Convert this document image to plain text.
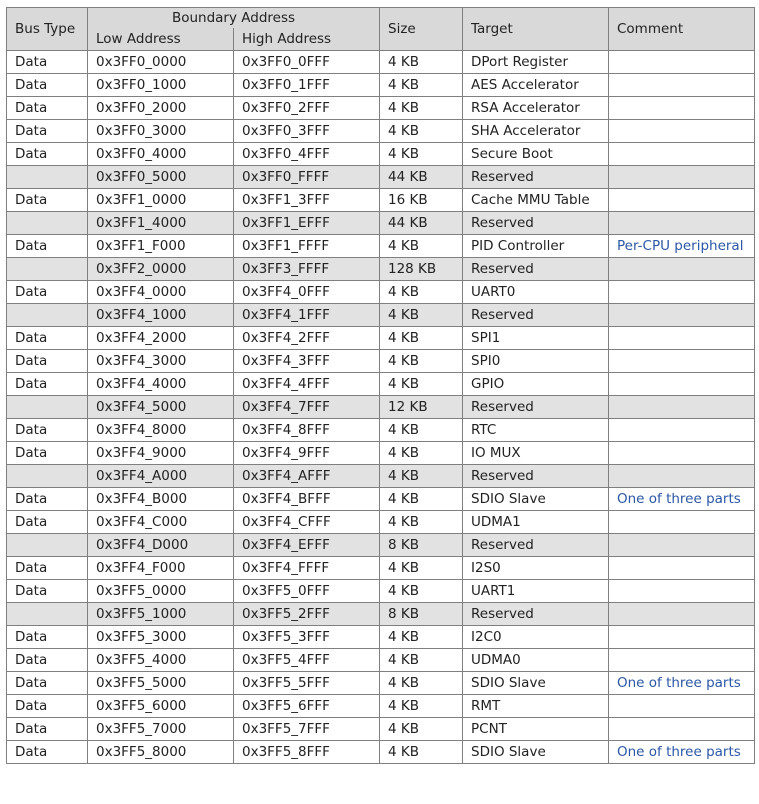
Bus Type	Boundary Address		Size	Target	Comment
	Low Address	High Address			
Data	0x3FF0_0000	0x3FF0_0FFF	4 KB	DPort Register	
Data	0x3FF0_1000	0x3FF0_1FFF	4 KB	AES Accelerator	
Data	0x3FF0_2000	0x3FF0_2FFF	4 KB	RSA Accelerator	
Data	0x3FF0_3000	0x3FF0_3FFF	4 KB	SHA Accelerator	
Data	0x3FF0_4000	0x3FF0_4FFF	4 KB	Secure Boot	
	0x3FF0_5000	0x3FF0_FFFF	44 KB	Reserved	
Data	0x3FF1_0000	0x3FF1_3FFF	16 KB	Cache MMU Table	
	0x3FF1_4000	0x3FF1_EFFF	44 KB	Reserved	
Data	0x3FF1_F000	0x3FF1_FFFF	4 KB	PID Controller	Per-CPU peripheral
	0x3FF2_0000	0x3FF3_FFFF	128 KB	Reserved	
Data	0x3FF4_0000	0x3FF4_0FFF	4 KB	UART0	
	0x3FF4_1000	0x3FF4_1FFF	4 KB	Reserved	
Data	0x3FF4_2000	0x3FF4_2FFF	4 KB	SPI1	
Data	0x3FF4_3000	0x3FF4_3FFF	4 KB	SPI0	
Data	0x3FF4_4000	0x3FF4_4FFF	4 KB	GPIO	
	0x3FF4_5000	0x3FF4_7FFF	12 KB	Reserved	
Data	0x3FF4_8000	0x3FF4_8FFF	4 KB	RTC	
Data	0x3FF4_9000	0x3FF4_9FFF	4 KB	IO MUX	
	0x3FF4_A000	0x3FF4_AFFF	4 KB	Reserved	
Data	0x3FF4_B000	0x3FF4_BFFF	4 KB	SDIO Slave	One of three parts
Data	0x3FF4_C000	0x3FF4_CFFF	4 KB	UDMA1	
	0x3FF4_D000	0x3FF4_EFFF	8 KB	Reserved	
Data	0x3FF4_F000	0x3FF4_FFFF	4 KB	I2S0	
Data	0x3FF5_0000	0x3FF5_0FFF	4 KB	UART1	
	0x3FF5_1000	0x3FF5_2FFF	8 KB	Reserved	
Data	0x3FF5_3000	0x3FF5_3FFF	4 KB	I2C0	
Data	0x3FF5_4000	0x3FF5_4FFF	4 KB	UDMA0	
Data	0x3FF5_5000	0x3FF5_5FFF	4 KB	SDIO Slave	One of three parts
Data	0x3FF5_6000	0x3FF5_6FFF	4 KB	RMT	
Data	0x3FF5_7000	0x3FF5_7FFF	4 KB	PCNT	
Data	0x3FF5_8000	0x3FF5_8FFF	4 KB	SDIO Slave	One of three parts
